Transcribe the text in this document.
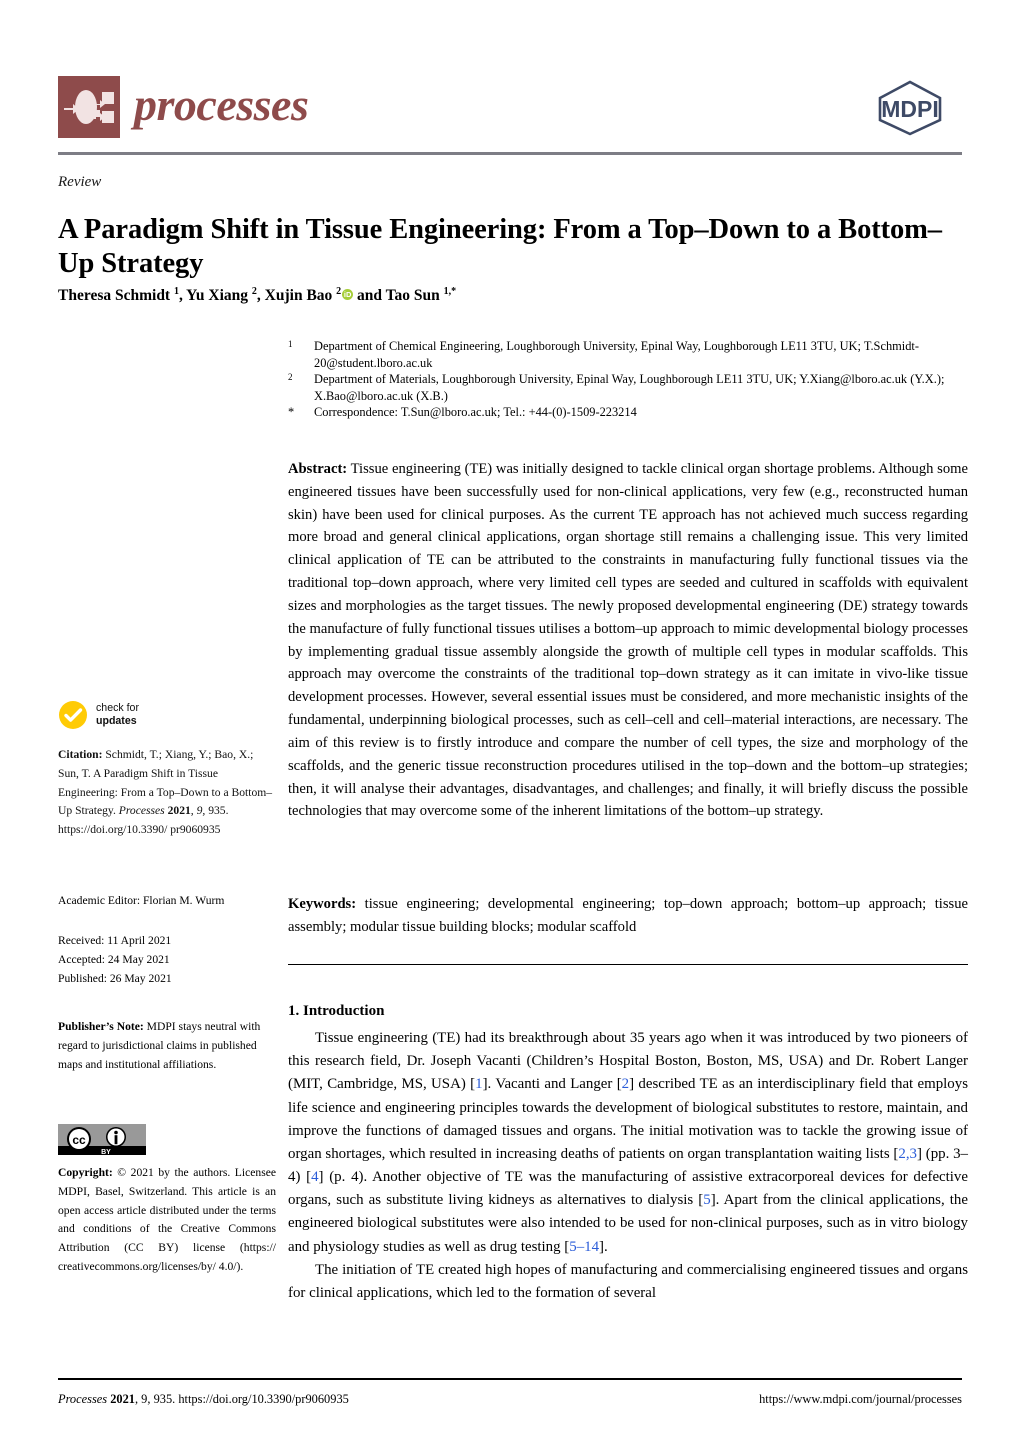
processes	MDPI
Review
A Paradigm Shift in Tissue Engineering: From a Top–Down to a Bottom–Up Strategy
Theresa Schmidt $^1$, Yu Xiang $^2$, Xujin Bao $^2$ iD and Tao Sun $^{1,*}$
1	Department of Chemical Engineering, Loughborough University, Epinal Way, Loughborough LE11 3TU, UK; T.Schmidt-20@student.lboro.ac.uk
2	Department of Materials, Loughborough University, Epinal Way, Loughborough LE11 3TU, UK; Y.Xiang@lboro.ac.uk (Y.X.); X.Bao@lboro.ac.uk (X.B.)
*	Correspondence: T.Sun@lboro.ac.uk; Tel.: +44-(0)-1509-223214
Abstract: Tissue engineering (TE) was initially designed to tackle clinical organ shortage problems. Although some engineered tissues have been successfully used for non-clinical applications, very few (e.g., reconstructed human skin) have been used for clinical purposes. As the current TE approach has not achieved much success regarding more broad and general clinical applications, organ shortage still remains a challenging issue. This very limited clinical application of TE can be attributed to the constraints in manufacturing fully functional tissues via the traditional top–down approach, where very limited cell types are seeded and cultured in scaffolds with equivalent sizes and morphologies as the target tissues. The newly proposed developmental engineering (DE) strategy towards the manufacture of fully functional tissues utilises a bottom–up approach to mimic developmental biology processes by implementing gradual tissue assembly alongside the growth of multiple cell types in modular scaffolds. This approach may overcome the constraints of the traditional top–down strategy as it can imitate in vivo-like tissue development processes. However, several essential issues must be considered, and more mechanistic insights of the fundamental, underpinning biological processes, such as cell–cell and cell–material interactions, are necessary. The aim of this review is to firstly introduce and compare the number of cell types, the size and morphology of the scaffolds, and the generic tissue reconstruction procedures utilised in the top–down and the bottom–up strategies; then, it will analyse their advantages, disadvantages, and challenges; and finally, it will briefly discuss the possible technologies that may overcome some of the inherent limitations of the bottom–up strategy.
Keywords: tissue engineering; developmental engineering; top–down approach; bottom–up approach; tissue assembly; modular tissue building blocks; modular scaffold
1. Introduction

Tissue engineering (TE) had its breakthrough about 35 years ago when it was introduced by two pioneers of this research field, Dr. Joseph Vacanti (Children’s Hospital Boston, Boston, MS, USA) and Dr. Robert Langer (MIT, Cambridge, MS, USA) [1]. Vacanti and Langer [2] described TE as an interdisciplinary field that employs life science and engineering principles towards the development of biological substitutes to restore, maintain, and improve the functions of damaged tissues and organs. The initial motivation was to tackle the growing issue of organ shortages, which resulted in increasing deaths of patients on organ transplantation waiting lists [2,3] (pp. 3–4) [4] (p. 4). Another objective of TE was the manufacturing of assistive extracorporeal devices for defective organs, such as substitute living kidneys as alternatives to dialysis [5]. Apart from the clinical applications, the engineered biological substitutes were also intended to be used for non-clinical purposes, such as in vitro biology and physiology studies as well as drug testing [5–14].

The initiation of TE created high hopes of manufacturing and commercialising engineered tissues and organs for clinical applications, which led to the formation of several

check for
updates
Citation: Schmidt, T.; Xiang, Y.; Bao, X.; Sun, T. A Paradigm Shift in Tissue Engineering: From a Top–Down to a Bottom–Up Strategy. Processes 2021, 9, 935. https://doi.org/10.3390/ pr9060935
Academic Editor: Florian M. Wurm
Received: 11 April 2021
Accepted: 24 May 2021
Published: 26 May 2021
Publisher’s Note: MDPI stays neutral with regard to jurisdictional claims in published maps and institutional affiliations.
cc
BY
Copyright: © 2021 by the authors. Licensee MDPI, Basel, Switzerland. This article is an open access article distributed under the terms and conditions of the Creative Commons Attribution (CC BY) license (https:// creativecommons.org/licenses/by/ 4.0/).
Processes 2021, 9, 935. https://doi.org/10.3390/pr9060935	https://www.mdpi.com/journal/processes
